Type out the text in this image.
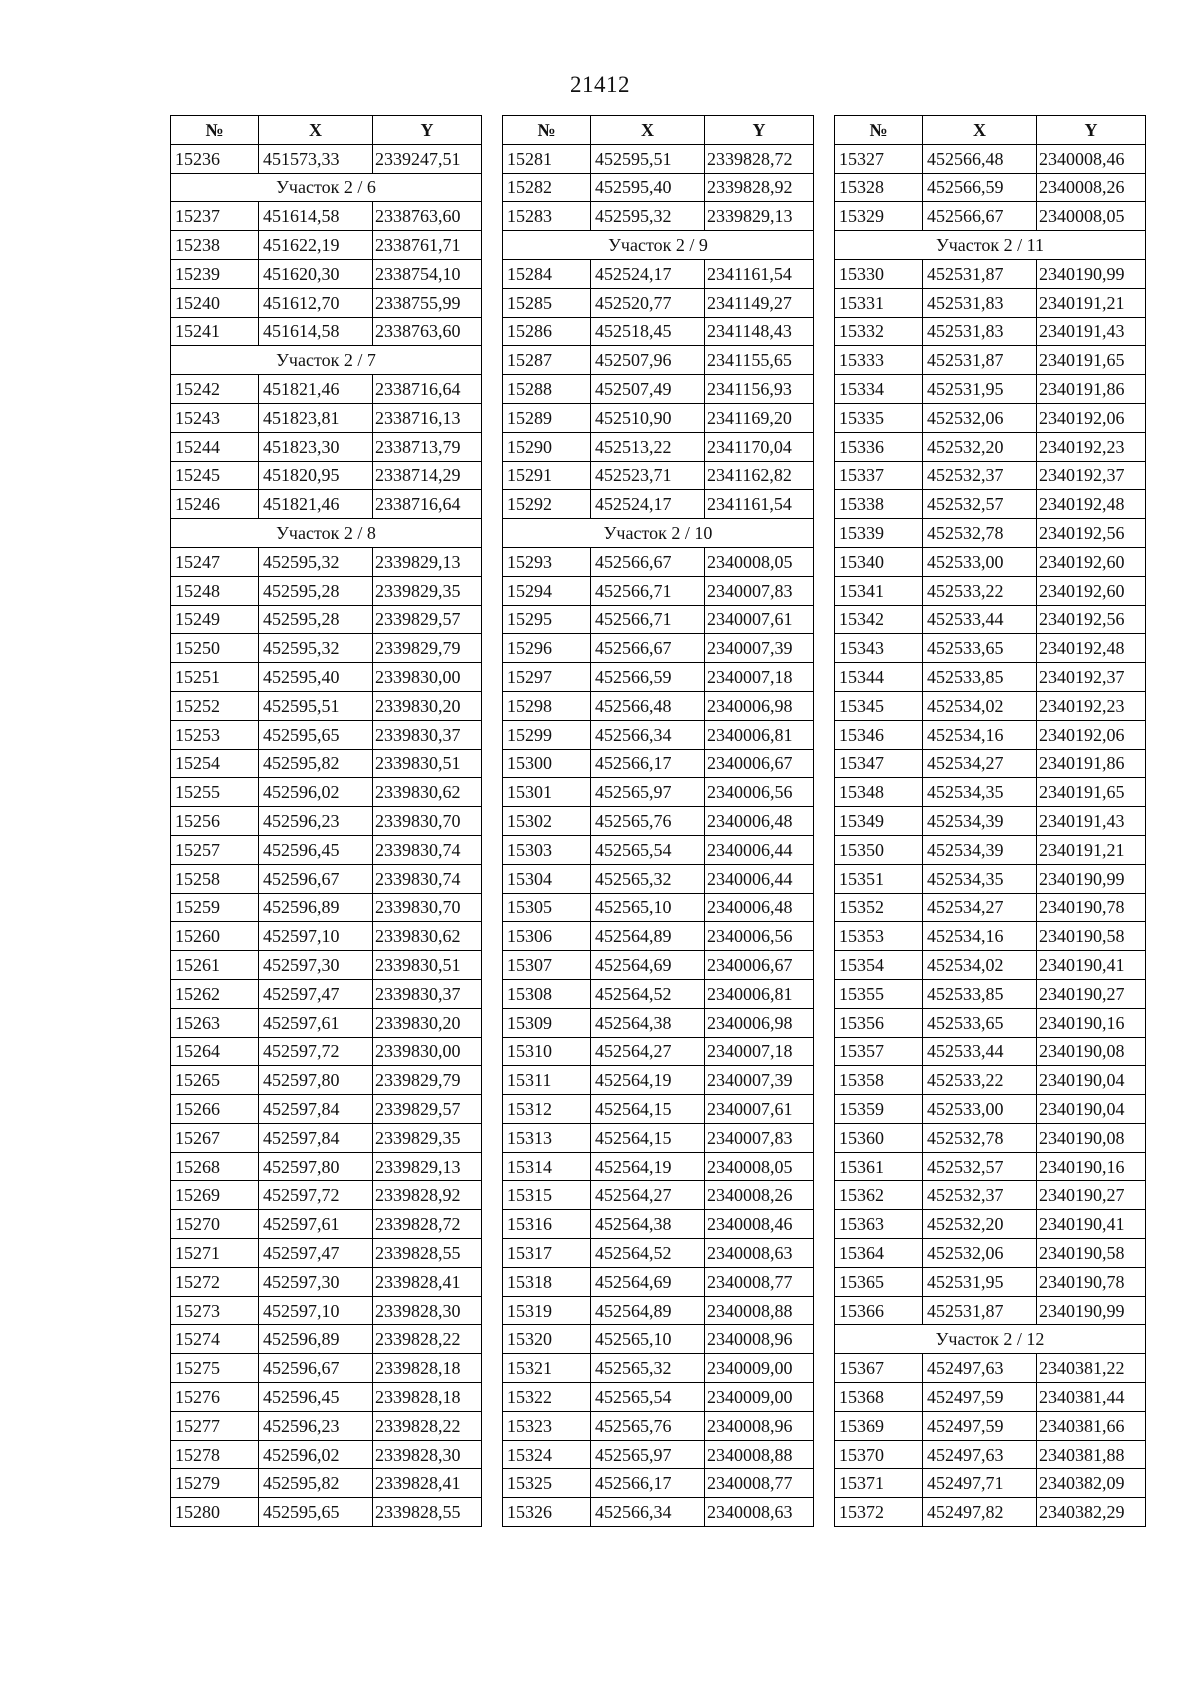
21412
№	X	Y
15236	451573,33	2339247,51
Участок 2 / 6		
15237	451614,58	2338763,60
15238	451622,19	2338761,71
15239	451620,30	2338754,10
15240	451612,70	2338755,99
15241	451614,58	2338763,60
Участок 2 / 7		
15242	451821,46	2338716,64
15243	451823,81	2338716,13
15244	451823,30	2338713,79
15245	451820,95	2338714,29
15246	451821,46	2338716,64
Участок 2 / 8		
15247	452595,32	2339829,13
15248	452595,28	2339829,35
15249	452595,28	2339829,57
15250	452595,32	2339829,79
15251	452595,40	2339830,00
15252	452595,51	2339830,20
15253	452595,65	2339830,37
15254	452595,82	2339830,51
15255	452596,02	2339830,62
15256	452596,23	2339830,70
15257	452596,45	2339830,74
15258	452596,67	2339830,74
15259	452596,89	2339830,70
15260	452597,10	2339830,62
15261	452597,30	2339830,51
15262	452597,47	2339830,37
15263	452597,61	2339830,20
15264	452597,72	2339830,00
15265	452597,80	2339829,79
15266	452597,84	2339829,57
15267	452597,84	2339829,35
15268	452597,80	2339829,13
15269	452597,72	2339828,92
15270	452597,61	2339828,72
15271	452597,47	2339828,55
15272	452597,30	2339828,41
15273	452597,10	2339828,30
15274	452596,89	2339828,22
15275	452596,67	2339828,18
15276	452596,45	2339828,18
15277	452596,23	2339828,22
15278	452596,02	2339828,30
15279	452595,82	2339828,41
15280	452595,65	2339828,55
№	X	Y
15281	452595,51	2339828,72
15282	452595,40	2339828,92
15283	452595,32	2339829,13
Участок 2 / 9		
15284	452524,17	2341161,54
15285	452520,77	2341149,27
15286	452518,45	2341148,43
15287	452507,96	2341155,65
15288	452507,49	2341156,93
15289	452510,90	2341169,20
15290	452513,22	2341170,04
15291	452523,71	2341162,82
15292	452524,17	2341161,54
Участок 2 / 10		
15293	452566,67	2340008,05
15294	452566,71	2340007,83
15295	452566,71	2340007,61
15296	452566,67	2340007,39
15297	452566,59	2340007,18
15298	452566,48	2340006,98
15299	452566,34	2340006,81
15300	452566,17	2340006,67
15301	452565,97	2340006,56
15302	452565,76	2340006,48
15303	452565,54	2340006,44
15304	452565,32	2340006,44
15305	452565,10	2340006,48
15306	452564,89	2340006,56
15307	452564,69	2340006,67
15308	452564,52	2340006,81
15309	452564,38	2340006,98
15310	452564,27	2340007,18
15311	452564,19	2340007,39
15312	452564,15	2340007,61
15313	452564,15	2340007,83
15314	452564,19	2340008,05
15315	452564,27	2340008,26
15316	452564,38	2340008,46
15317	452564,52	2340008,63
15318	452564,69	2340008,77
15319	452564,89	2340008,88
15320	452565,10	2340008,96
15321	452565,32	2340009,00
15322	452565,54	2340009,00
15323	452565,76	2340008,96
15324	452565,97	2340008,88
15325	452566,17	2340008,77
15326	452566,34	2340008,63
№	X	Y
15327	452566,48	2340008,46
15328	452566,59	2340008,26
15329	452566,67	2340008,05
Участок 2 / 11		
15330	452531,87	2340190,99
15331	452531,83	2340191,21
15332	452531,83	2340191,43
15333	452531,87	2340191,65
15334	452531,95	2340191,86
15335	452532,06	2340192,06
15336	452532,20	2340192,23
15337	452532,37	2340192,37
15338	452532,57	2340192,48
15339	452532,78	2340192,56
15340	452533,00	2340192,60
15341	452533,22	2340192,60
15342	452533,44	2340192,56
15343	452533,65	2340192,48
15344	452533,85	2340192,37
15345	452534,02	2340192,23
15346	452534,16	2340192,06
15347	452534,27	2340191,86
15348	452534,35	2340191,65
15349	452534,39	2340191,43
15350	452534,39	2340191,21
15351	452534,35	2340190,99
15352	452534,27	2340190,78
15353	452534,16	2340190,58
15354	452534,02	2340190,41
15355	452533,85	2340190,27
15356	452533,65	2340190,16
15357	452533,44	2340190,08
15358	452533,22	2340190,04
15359	452533,00	2340190,04
15360	452532,78	2340190,08
15361	452532,57	2340190,16
15362	452532,37	2340190,27
15363	452532,20	2340190,41
15364	452532,06	2340190,58
15365	452531,95	2340190,78
15366	452531,87	2340190,99
Участок 2 / 12		
15367	452497,63	2340381,22
15368	452497,59	2340381,44
15369	452497,59	2340381,66
15370	452497,63	2340381,88
15371	452497,71	2340382,09
15372	452497,82	2340382,29
